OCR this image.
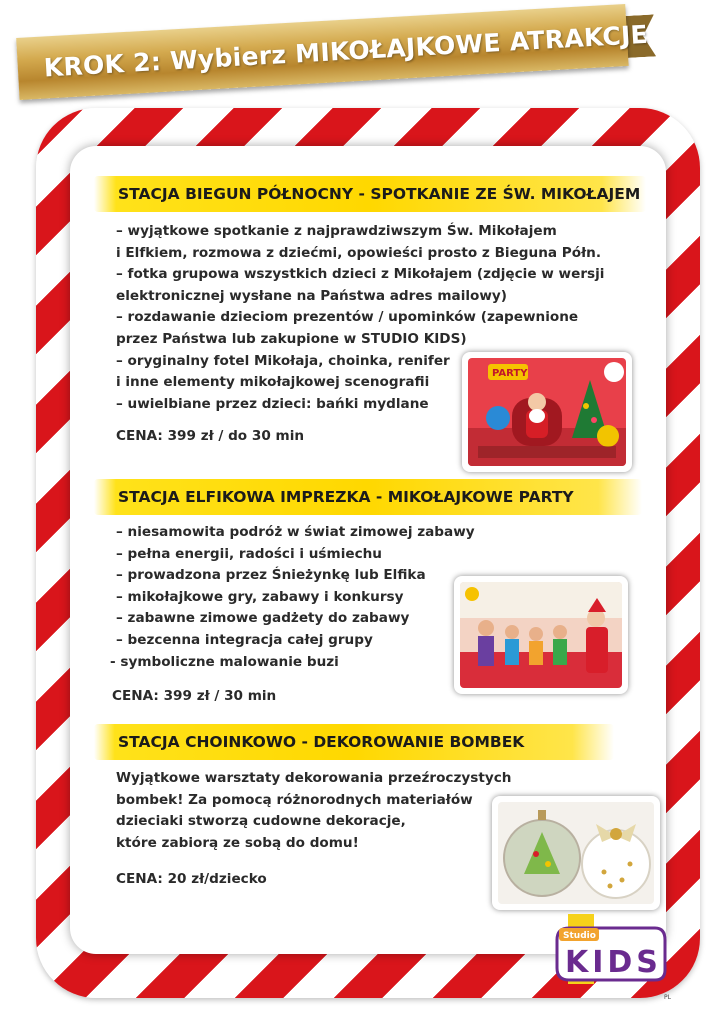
KROK 2: Wybierz MIKOŁAJKOWE ATRAKCJE
STACJA BIEGUN PÓŁNOCNY - SPOTKANIE ZE ŚW. MIKOŁAJEM
– wyjątkowe spotkanie z najprawdziwszym Św. Mikołajem
i Elfkiem, rozmowa z dziećmi, opowieści prosto z Bieguna Półn.
– fotka grupowa wszystkich dzieci z Mikołajem (zdjęcie w wersji
elektronicznej wysłane na Państwa adres mailowy)
– rozdawanie dzieciom prezentów / upominków (zapewnione
przez Państwa lub zakupione w STUDIO KIDS)
– oryginalny fotel Mikołaja, choinka, renifer
i inne elementy mikołajkowej scenografii
– uwielbiane przez dzieci: bańki mydlane
CENA: 399 zł / do 30 min
PARTY
STACJA ELFIKOWA IMPREZKA - MIKOŁAJKOWE PARTY
– niesamowita podróż w świat zimowej zabawy
– pełna energii, radości i uśmiechu
– prowadzona przez Śnieżynkę lub Elfika
– mikołajkowe gry, zabawy i konkursy
– zabawne zimowe gadżety do zabawy
– bezcenna integracja całej grupy
- symboliczne malowanie buzi
CENA: 399 zł / 30 min
STACJA CHOINKOWO - DEKOROWANIE BOMBEK
Wyjątkowe warsztaty dekorowania przeźroczystych
bombek! Za pomocą różnorodnych materiałów
dzieciaki stworzą cudowne dekoracje,
które zabiorą ze sobą do domu!
CENA: 20 zł/dziecko
Studio
KIDS
PL
